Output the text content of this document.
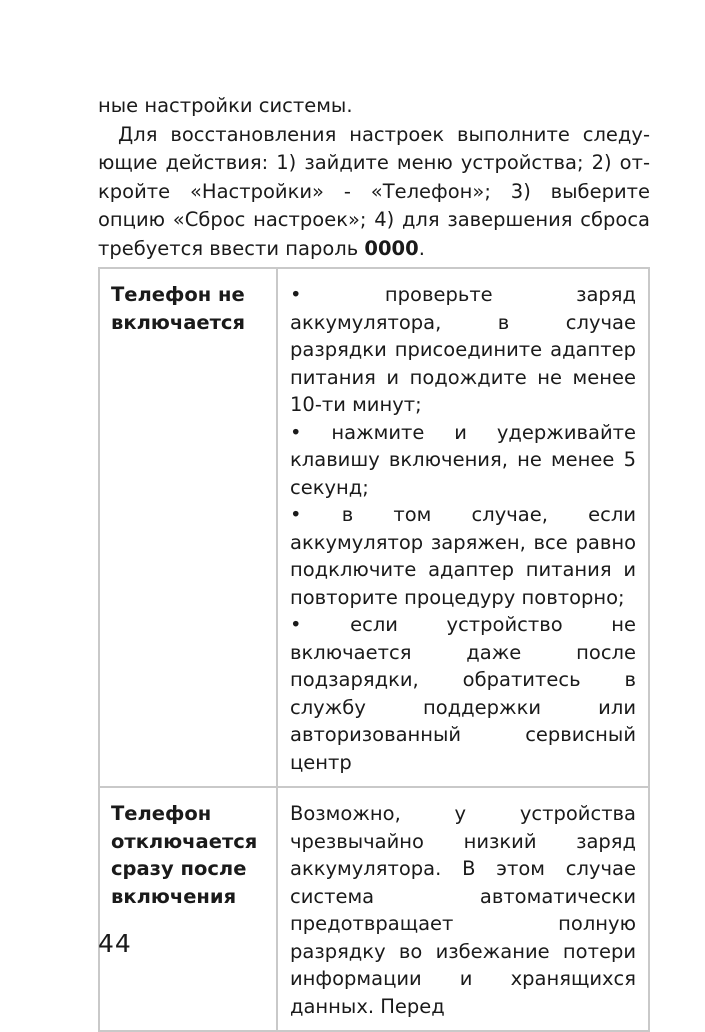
ные настройки системы.

Для восстановления настроек выполните следующие действия: 1) зайдите меню устройства; 2) откройте «Настройки» - «Телефон»; 3) выберите опцию «Сброс настроек»; 4) для завершения сброса требуется ввести пароль 0000.

Телефон не включается	• проверьте заряд аккумулятора, в случае разрядки присоедините адаптер питания и подождите не менее 10-ти минут;

• нажмите и удерживайте клавишу включения, не менее 5 секунд;

• в том случае, если аккумулятор заряжен, все равно подключите адаптер питания и повторите процедуру повторно;

• если устройство не включается даже после подзарядки, обратитесь в службу поддержки или авторизованный сервисный центр

Телефон отключается сразу после включения	Возможно, у устройства чрезвычайно низкий заряд аккумулятора. В этом случае система автоматически предотвращает полную разрядку во избежание потери информации и хранящихся данных. Перед

44
